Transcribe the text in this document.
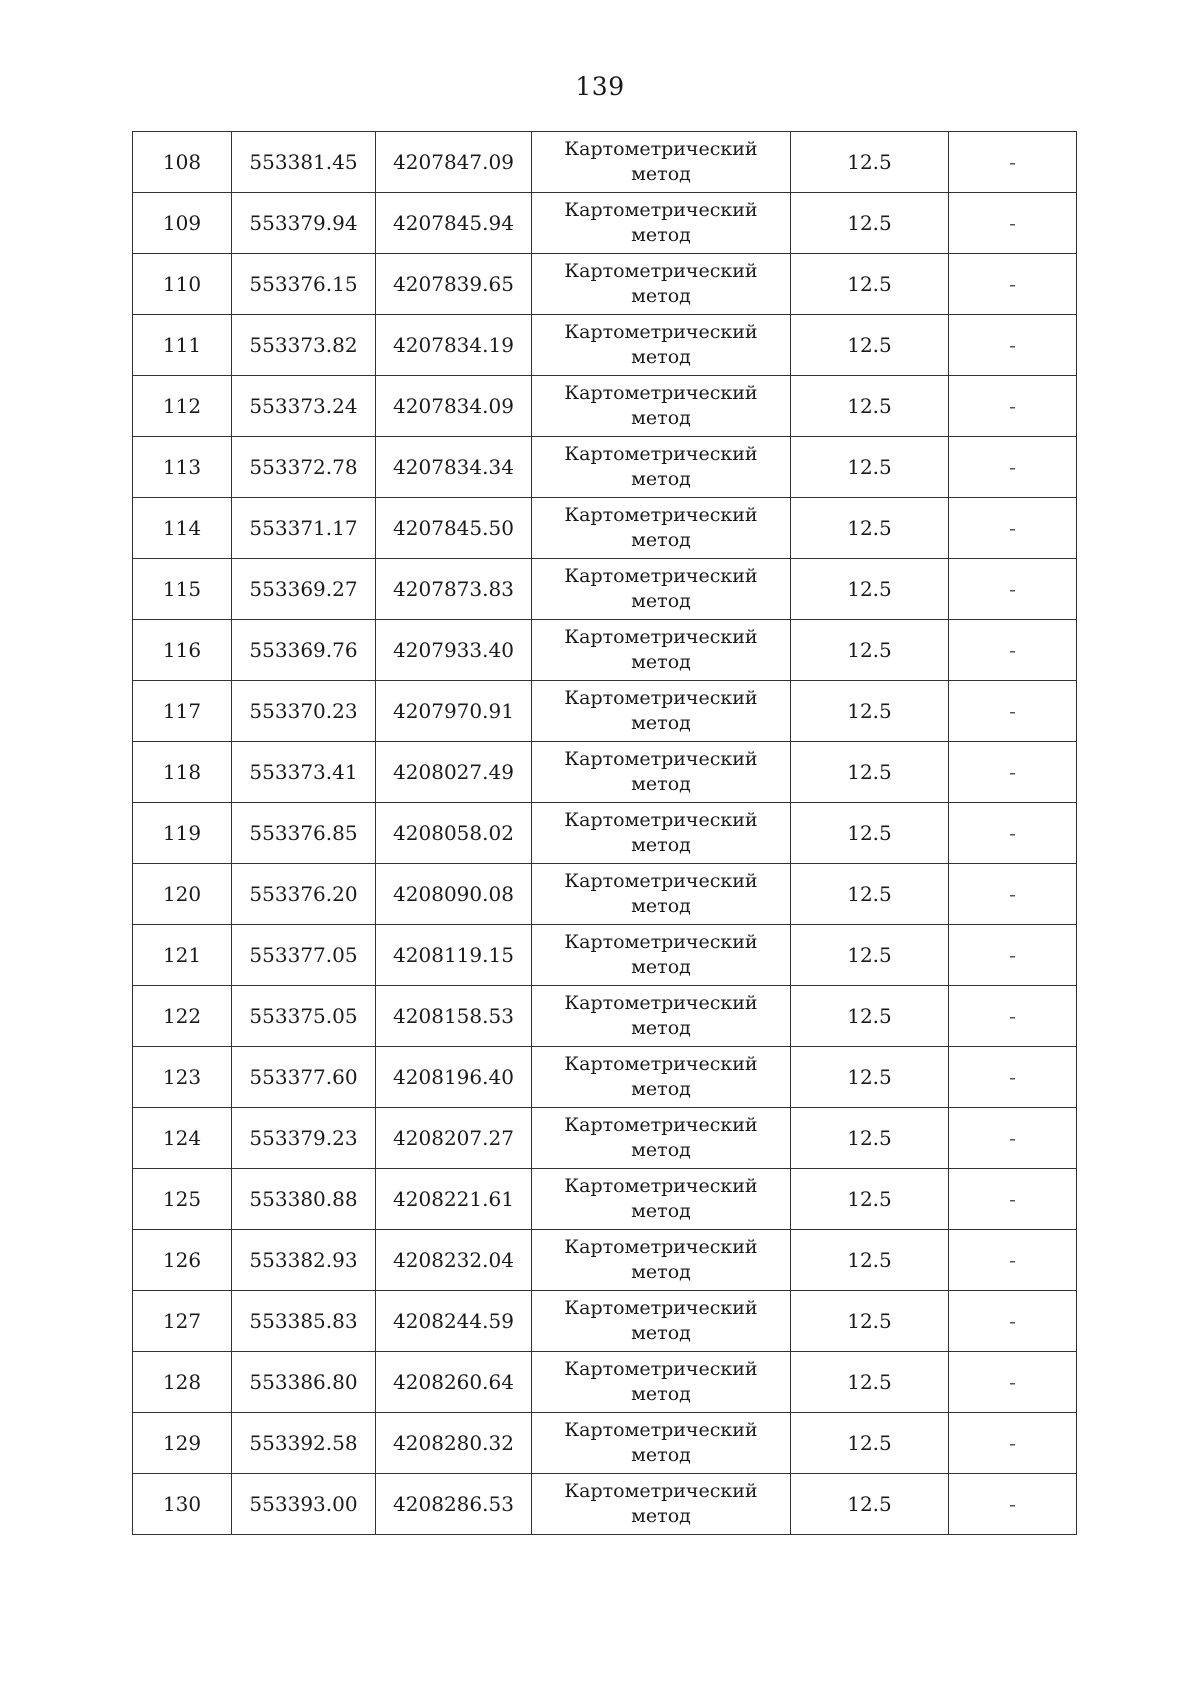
139
108	553381.45	4207847.09	Картометрический метод	12.5	-
109	553379.94	4207845.94	Картометрический метод	12.5	-
110	553376.15	4207839.65	Картометрический метод	12.5	-
111	553373.82	4207834.19	Картометрический метод	12.5	-
112	553373.24	4207834.09	Картометрический метод	12.5	-
113	553372.78	4207834.34	Картометрический метод	12.5	-
114	553371.17	4207845.50	Картометрический метод	12.5	-
115	553369.27	4207873.83	Картометрический метод	12.5	-
116	553369.76	4207933.40	Картометрический метод	12.5	-
117	553370.23	4207970.91	Картометрический метод	12.5	-
118	553373.41	4208027.49	Картометрический метод	12.5	-
119	553376.85	4208058.02	Картометрический метод	12.5	-
120	553376.20	4208090.08	Картометрический метод	12.5	-
121	553377.05	4208119.15	Картометрический метод	12.5	-
122	553375.05	4208158.53	Картометрический метод	12.5	-
123	553377.60	4208196.40	Картометрический метод	12.5	-
124	553379.23	4208207.27	Картометрический метод	12.5	-
125	553380.88	4208221.61	Картометрический метод	12.5	-
126	553382.93	4208232.04	Картометрический метод	12.5	-
127	553385.83	4208244.59	Картометрический метод	12.5	-
128	553386.80	4208260.64	Картометрический метод	12.5	-
129	553392.58	4208280.32	Картометрический метод	12.5	-
130	553393.00	4208286.53	Картометрический метод	12.5	-
